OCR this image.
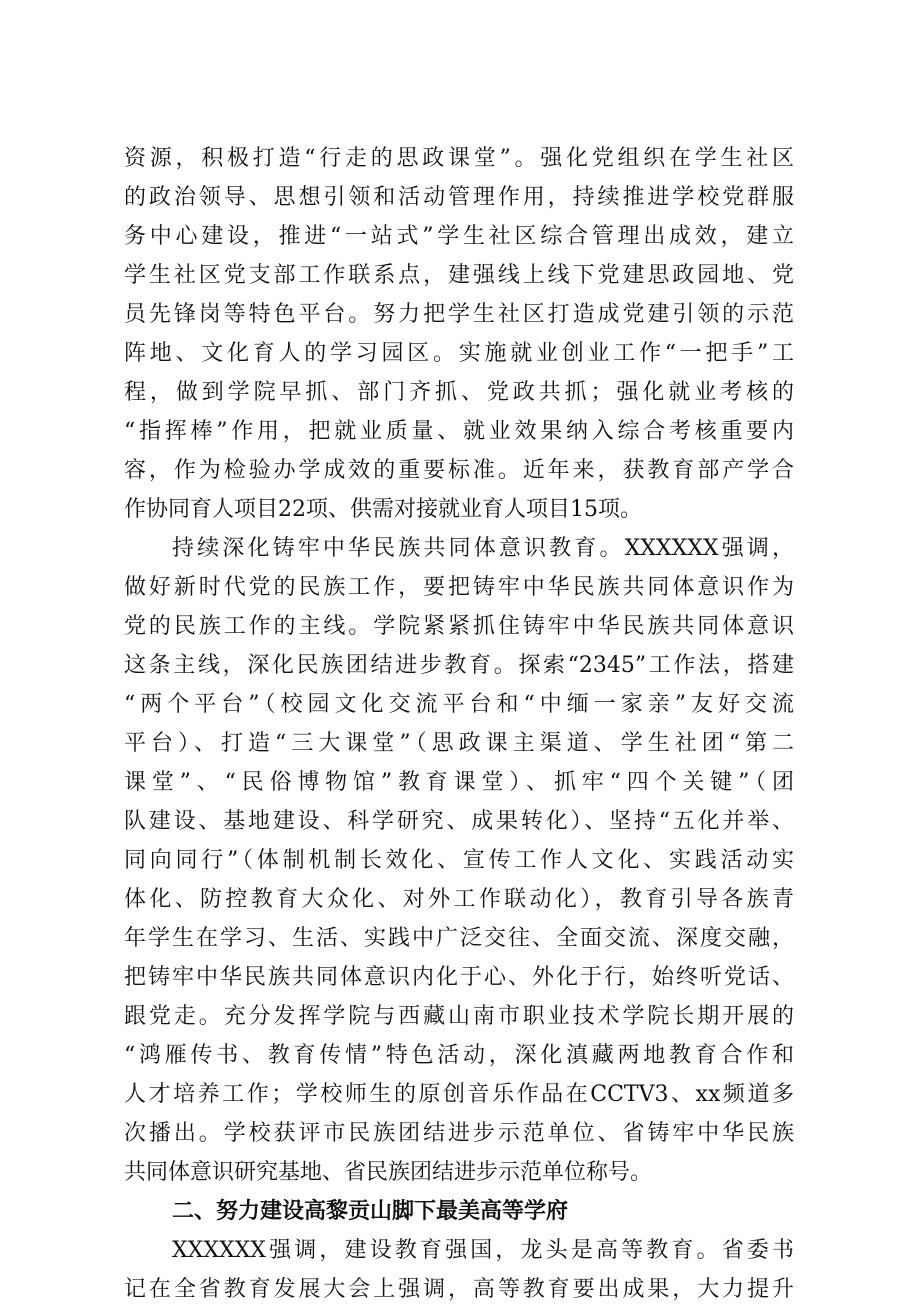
资源，积极打造“行走的思政课堂”。强化党组织在学生社区
的政治领导、思想引领和活动管理作用，持续推进学校党群服
务中心建设，推进“一站式”学生社区综合管理出成效，建立
学生社区党支部工作联系点，建强线上线下党建思政园地、党
员先锋岗等特色平台。努力把学生社区打造成党建引领的示范
阵地、文化育人的学习园区。实施就业创业工作“一把手”工
程，做到学院早抓、部门齐抓、党政共抓；强化就业考核的
“指挥棒”作用，把就业质量、就业效果纳入综合考核重要内
容，作为检验办学成效的重要标准。近年来，获教育部产学合
作协同育人项目22项、供需对接就业育人项目15项。
持续深化铸牢中华民族共同体意识教育。XXXXXX强调，
做好新时代党的民族工作，要把铸牢中华民族共同体意识作为
党的民族工作的主线。学院紧紧抓住铸牢中华民族共同体意识
这条主线，深化民族团结进步教育。探索“2345”工作法，搭建
“两个平台”（校园文化交流平台和“中缅一家亲”友好交流
平台）、打造“三大课堂”（思政课主渠道、学生社团“第二
课堂”、“民俗博物馆”教育课堂）、抓牢“四个关键”（团
队建设、基地建设、科学研究、成果转化）、坚持“五化并举、
同向同行”（体制机制长效化、宣传工作人文化、实践活动实
体化、防控教育大众化、对外工作联动化），教育引导各族青
年学生在学习、生活、实践中广泛交往、全面交流、深度交融，
把铸牢中华民族共同体意识内化于心、外化于行，始终听党话、
跟党走。充分发挥学院与西藏山南市职业技术学院长期开展的
“鸿雁传书、教育传情”特色活动，深化滇藏两地教育合作和
人才培养工作；学校师生的原创音乐作品在CCTV3、xx频道多
次播出。学校获评市民族团结进步示范单位、省铸牢中华民族
共同体意识研究基地、省民族团结进步示范单位称号。
二、努力建设高黎贡山脚下最美高等学府
XXXXXX强调，建设教育强国，龙头是高等教育。省委书
记在全省教育发展大会上强调，高等教育要出成果，大力提升
